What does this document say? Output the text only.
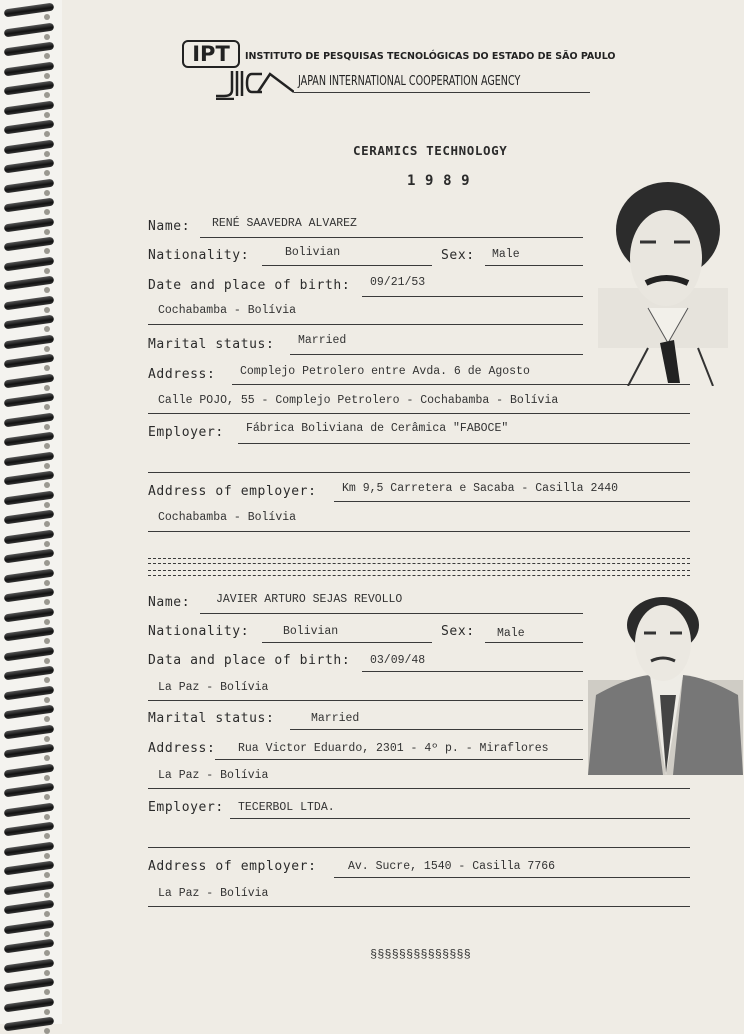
IPT	INSTITUTO DE PESQUISAS TECNOLÓGICAS DO ESTADO DE SÃO PAULO
JAPAN INTERNATIONAL COOPERATION AGENCY
CERAMICS TECHNOLOGY
1 9 8 9
Name: RENÉ SAAVEDRA ALVAREZ
Nationality:	Bolivian	Sex: Male
Date and place of birth: 09/21/53
Cochabamba - Bolívia
Marital status: Married
Address: Complejo Petrolero entre Avda. 6 de Agosto
Calle POJO, 55 - Complejo Petrolero - Cochabamba - Bolívia
Employer: Fábrica Boliviana de Cerâmica "FABOCE"
Address of employer: Km 9,5 Carretera e Sacaba - Casilla 2440
Cochabamba - Bolívia
Name: JAVIER ARTURO SEJAS REVOLLO
Nationality:	Bolivian	Sex: Male
Data and place of birth: 03/09/48
La Paz - Bolívia
Marital status:	Married
Address: Rua Victor Eduardo, 2301 - 4º p. - Miraflores
La Paz - Bolívia
Employer: TECERBOL LTDA.
Address of employer:	Av. Sucre, 1540 - Casilla 7766
La Paz - Bolívia
§§§§§§§§§§§§§§
